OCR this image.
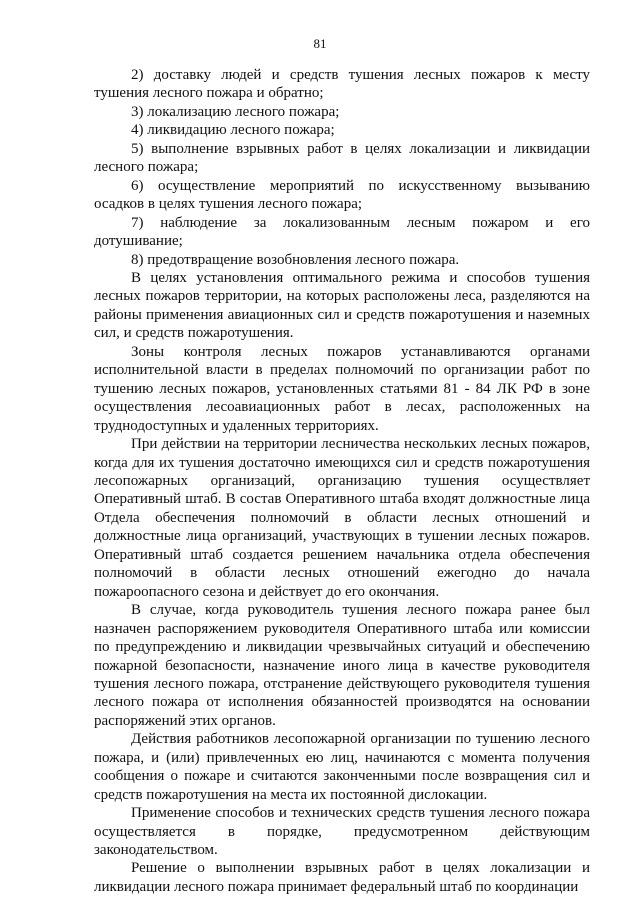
81

2) доставку людей и средств тушения лесных пожаров к месту тушения лесного пожара и обратно;

3) локализацию лесного пожара;

4) ликвидацию лесного пожара;

5) выполнение взрывных работ в целях локализации и ликвидации лесного пожара;

6) осуществление мероприятий по искусственному вызыванию осадков в целях тушения лесного пожара;

7) наблюдение за локализованным лесным пожаром и его дотушивание;

8) предотвращение возобновления лесного пожара.

В целях установления оптимального режима и способов тушения лесных пожаров территории, на которых расположены леса, разделяются на районы применения авиационных сил и средств пожаротушения и наземных сил, и средств пожаротушения.

Зоны контроля лесных пожаров устанавливаются органами исполнительной власти в пределах полномочий по организации работ по тушению лесных пожаров, установленных статьями 81 - 84 ЛК РФ в зоне осуществления лесоавиационных работ в лесах, расположенных на труднодоступных и удаленных территориях.

При действии на территории лесничества нескольких лесных пожаров, когда для их тушения достаточно имеющихся сил и средств пожаротушения лесопожарных организаций, организацию тушения осуществляет Оперативный штаб. В состав Оперативного штаба входят должностные лица Отдела обеспечения полномочий в области лесных отношений и должностные лица организаций, участвующих в тушении лесных пожаров. Оперативный штаб создается решением начальника отдела обеспечения полномочий в области лесных отношений ежегодно до начала пожароопасного сезона и действует до его окончания.

В случае, когда руководитель тушения лесного пожара ранее был назначен распоряжением руководителя Оперативного штаба или комиссии по предупреждению и ликвидации чрезвычайных ситуаций и обеспечению пожарной безопасности, назначение иного лица в качестве руководителя тушения лесного пожара, отстранение действующего руководителя тушения лесного пожара от исполнения обязанностей производятся на основании распоряжений этих органов.

Действия работников лесопожарной организации по тушению лесного пожара, и (или) привлеченных ею лиц, начинаются с момента получения сообщения о пожаре и считаются законченными после возвращения сил и средств пожаротушения на места их постоянной дислокации.

Применение способов и технических средств тушения лесного пожара осуществляется в порядке, предусмотренном действующим законодательством.

Решение о выполнении взрывных работ в целях локализации и ликвидации лесного пожара принимает федеральный штаб по координации
